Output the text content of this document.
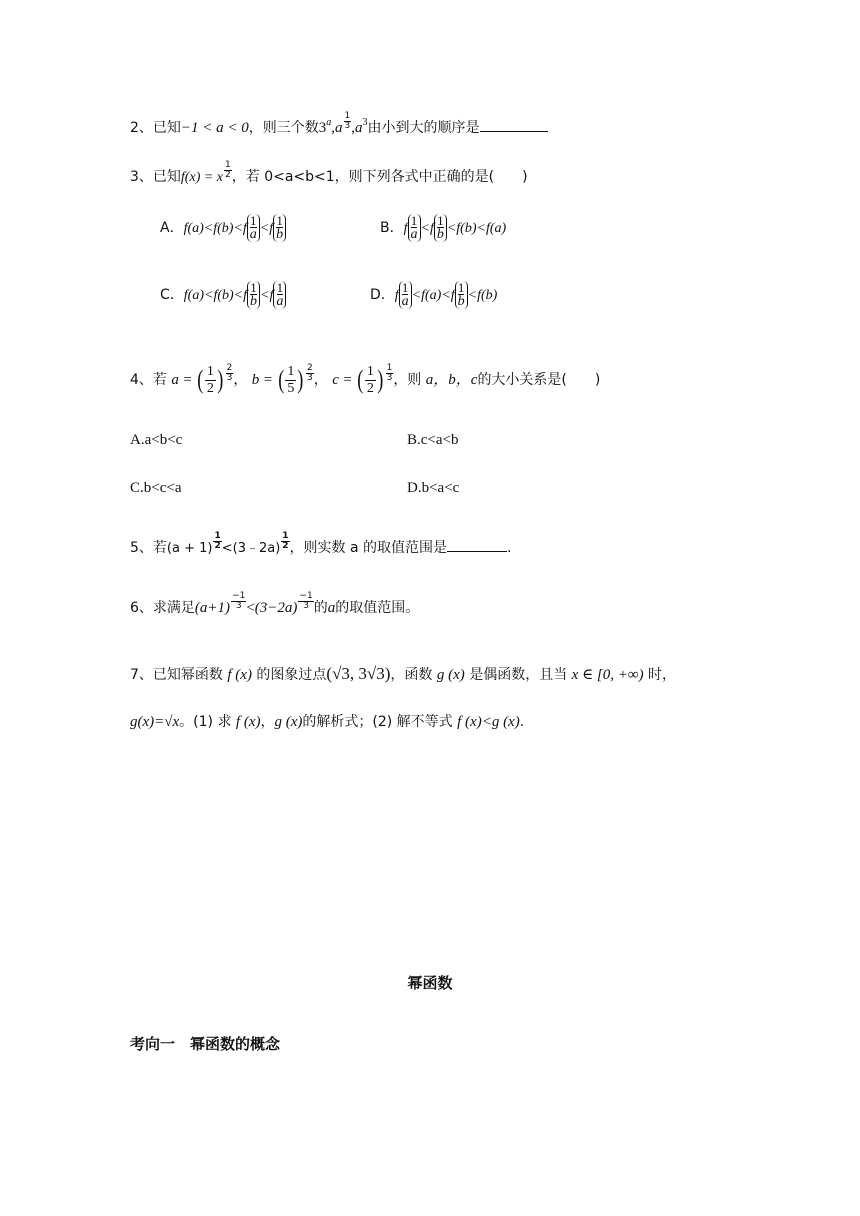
2、已知−1 < a < 0，则三个数$3^a,a \frac{1}{3} ,a^3$由小到大的顺序是
3、已知f(x) = x $\frac{1}{2}$ ，若 0<a<b<1，则下列各式中正确的是(　　)
A．$f(a)<f(b)<f \frac{1}{a} <f \frac{1}{b}$	B．f $\frac{1}{a} <f \frac{1}{b} <f(b)<f(a)$
C．$f(a)<f(b)<f \frac{1}{b} <f \frac{1}{a}$	D．f $\frac{1}{a} <f(a)<f \frac{1}{b} <f(b)$
4、若 a = ( $\frac{1}{2}$ ) $\frac{2}{3}$ ， b = ( $\frac{1}{5}$ ) $\frac{2}{3}$ ， c = ( $\frac{1}{2}$ ) $\frac{1}{3}$ ，则 a，b，c的大小关系是(　　)
A.a<b<c	B.c<a<b
C.b<c<a	D.b<a<c
5、若$(a + 1) \frac{1}{2}$ <(3﹣2a) $\frac{1}{2}$ ，则实数 a 的取值范围是	.
6、求满足$(a+1) \frac{-1}{3} <(3-2a) \frac{-1}{3}$ 的a的取值范围。
7、已知幂函数 f (x) 的图象过点(√3, 3√3)，函数 g (x) 是偶函数，且当 x ∈ [0, +∞) 时，
g(x)=√x。(1) 求 f (x)，g (x)的解析式；(2) 解不等式 f (x)<g (x).
幂函数
考向一　幂函数的概念
